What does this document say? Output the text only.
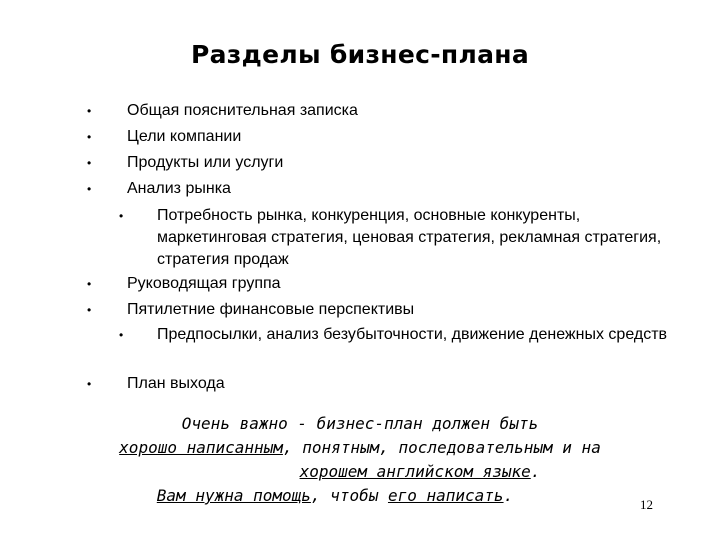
Разделы бизнес-плана
• Общая пояснительная записка
• Цели компании
• Продукты или услуги
• Анализ рынка
• Потребность рынка, конкуренция, основные конкуренты, маркетинговая стратегия, ценовая стратегия, рекламная стратегия, стратегия продаж
• Руководящая группа
• Пятилетние финансовые перспективы
• Предпосылки, анализ безубыточности, движение денежных средств
• План выхода
Очень важно - бизнес-план должен быть
хорошо написанным, понятным, последовательным и на
хорошем английском языке.
Вам нужна помощь, чтобы его написать.	12
